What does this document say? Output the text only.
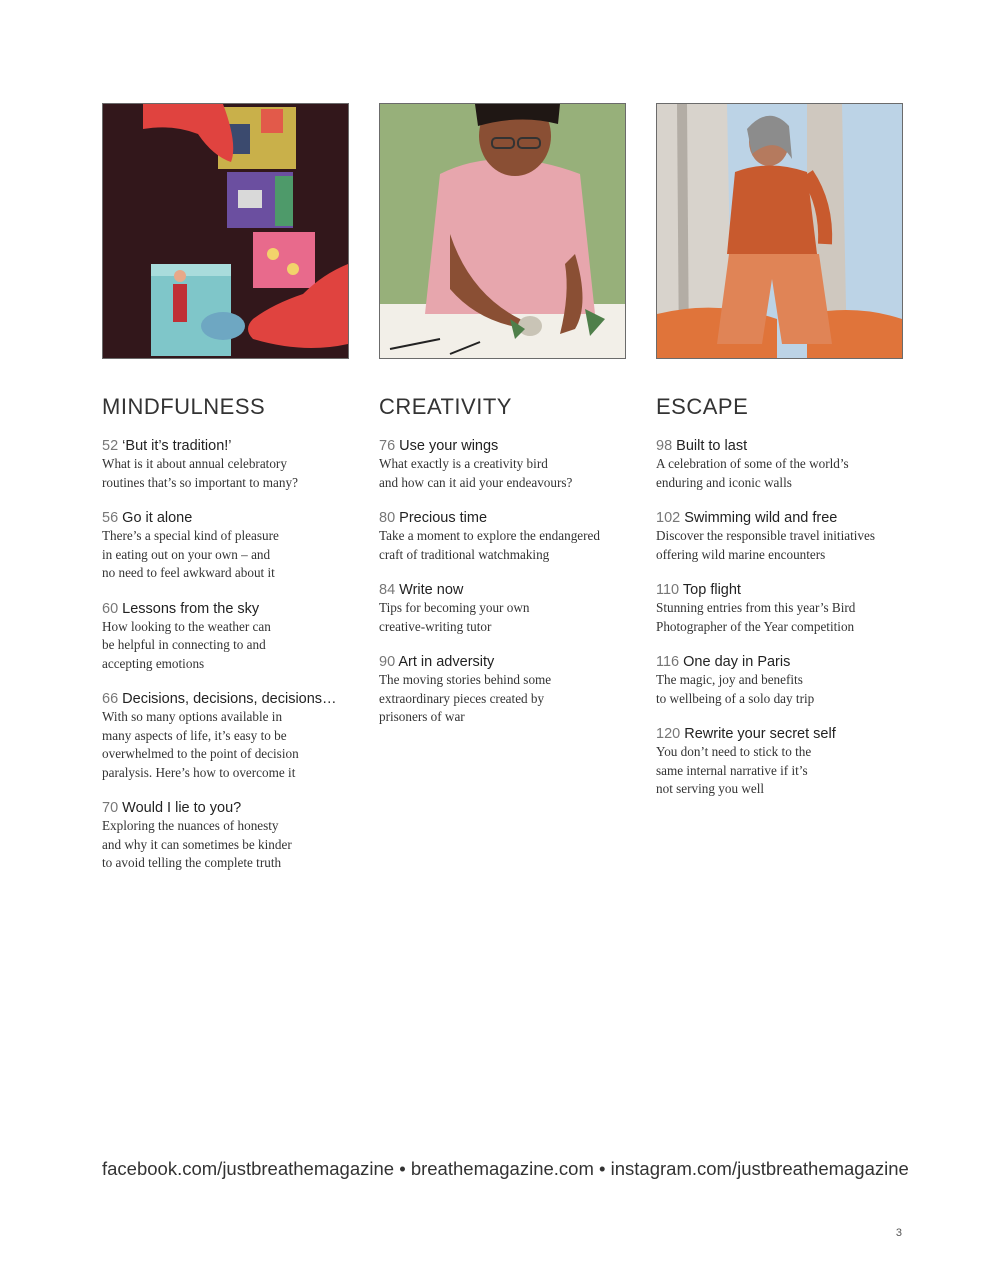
MINDFULNESS
52 ‘But it’s tradition!’
What is it about annual celebratory
routines that’s so important to many?
56 Go it alone
There’s a special kind of pleasure
in eating out on your own – and
no need to feel awkward about it
60 Lessons from the sky
How looking to the weather can
be helpful in connecting to and
accepting emotions
66 Decisions, decisions, decisions…
With so many options available in
many aspects of life, it’s easy to be
overwhelmed to the point of decision
paralysis. Here’s how to overcome it
70 Would I lie to you?
Exploring the nuances of honesty
and why it can sometimes be kinder
to avoid telling the complete truth
CREATIVITY
76 Use your wings
What exactly is a creativity bird
and how can it aid your endeavours?
80 Precious time
Take a moment to explore the endangered
craft of traditional watchmaking
84 Write now
Tips for becoming your own
creative-writing tutor
90 Art in adversity
The moving stories behind some
extraordinary pieces created by
prisoners of war
ESCAPE
98 Built to last
A celebration of some of the world’s
enduring and iconic walls
102 Swimming wild and free
Discover the responsible travel initiatives
offering wild marine encounters
110 Top flight
Stunning entries from this year’s Bird
Photographer of the Year competition
116 One day in Paris
The magic, joy and benefits
to wellbeing of a solo day trip
120 Rewrite your secret self
You don’t need to stick to the
same internal narrative if it’s
not serving you well
facebook.com/justbreathemagazine • breathemagazine.com • instagram.com/justbreathemagazine
3
